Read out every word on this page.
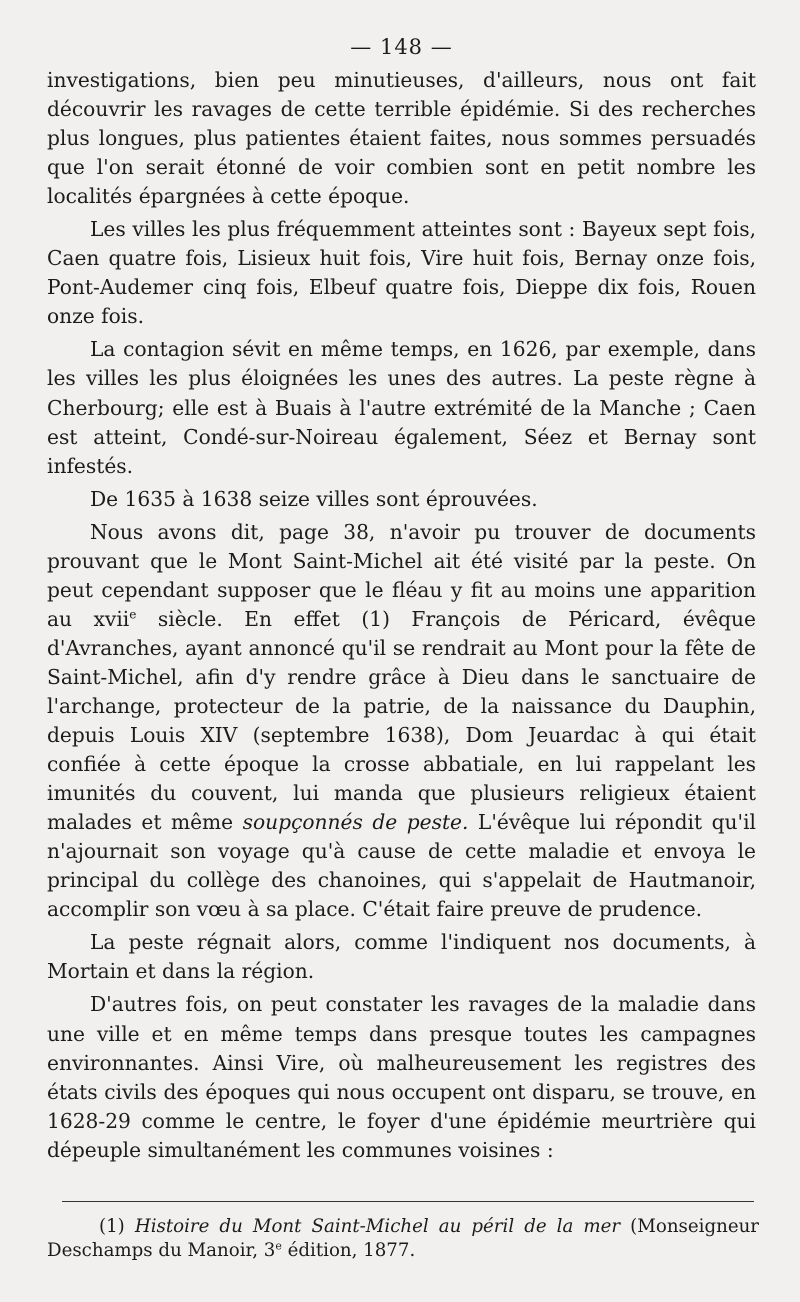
— 148 —

investigations, bien peu minutieuses, d'ailleurs, nous ont fait découvrir les ravages de cette terrible épidémie. Si des recherches plus longues, plus patientes étaient faites, nous sommes persuadés que l'on serait étonné de voir combien sont en petit nombre les localités épargnées à cette époque.

Les villes les plus fréquemment atteintes sont : Bayeux sept fois, Caen quatre fois, Lisieux huit fois, Vire huit fois, Bernay onze fois, Pont-Audemer cinq fois, Elbeuf quatre fois, Dieppe dix fois, Rouen onze fois.

La contagion sévit en même temps, en 1626, par exemple, dans les villes les plus éloignées les unes des autres. La peste règne à Cherbourg; elle est à Buais à l'autre extrémité de la Manche ; Caen est atteint, Condé-sur-Noireau également, Séez et Bernay sont infestés.

De 1635 à 1638 seize villes sont éprouvées.

Nous avons dit, page 38, n'avoir pu trouver de documents prouvant que le Mont Saint-Michel ait été visité par la peste. On peut cependant supposer que le fléau y fit au moins une apparition au xvii$^e$ siècle. En effet (1) François de Péricard, évêque d'Avranches, ayant annoncé qu'il se rendrait au Mont pour la fête de Saint-Michel, afin d'y rendre grâce à Dieu dans le sanctuaire de l'archange, protecteur de la patrie, de la naissance du Dauphin, depuis Louis XIV (septembre 1638), Dom Jeuardac à qui était confiée à cette époque la crosse abbatiale, en lui rappelant les imunités du couvent, lui manda que plusieurs religieux étaient malades et même soupçonnés de peste. L'évêque lui répondit qu'il n'ajournait son voyage qu'à cause de cette maladie et envoya le principal du collège des chanoines, qui s'appelait de Hautmanoir, accomplir son vœu à sa place. C'était faire preuve de prudence.

La peste régnait alors, comme l'indiquent nos documents, à Mortain et dans la région.

D'autres fois, on peut constater les ravages de la maladie dans une ville et en même temps dans presque toutes les campagnes environnantes. Ainsi Vire, où malheureusement les registres des états civils des époques qui nous occupent ont disparu, se trouve, en 1628-29 comme le centre, le foyer d'une épidémie meurtrière qui dépeuple simultanément les communes voisines :

(1) Histoire du Mont Saint-Michel au péril de la mer (Monseigneur Deschamps du Manoir, 3e édition, 1877.
